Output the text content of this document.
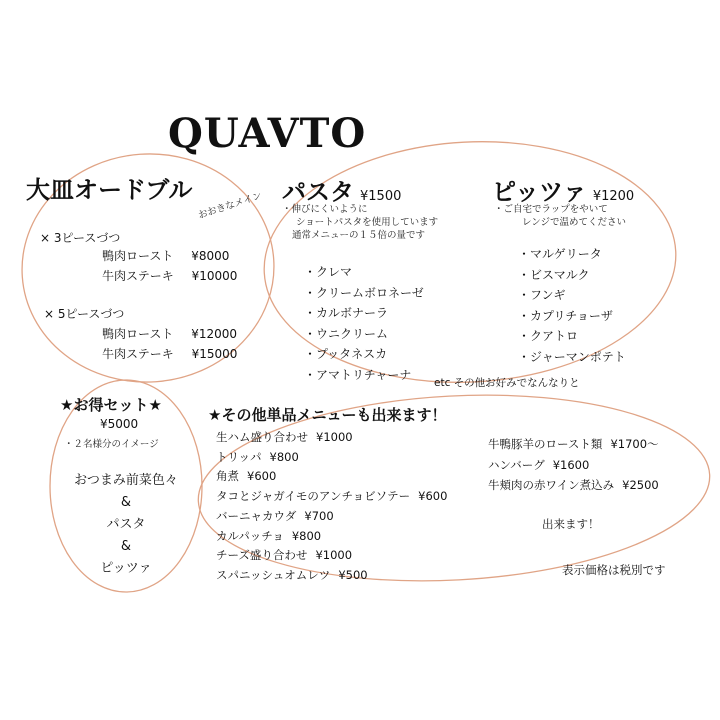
QUAVTO
大皿オードブル
おおきなメイン
× 3ピースづつ
鴨肉ロースト ¥8000
牛肉ステーキ ¥10000
× 5ピースづつ
鴨肉ロースト ¥12000
牛肉ステーキ ¥15000
パスタ ¥1500
・伸びにくいように
ショートパスタを使用しています
通常メニューの１５倍の量です
・クレマ
・クリームボロネーゼ
・カルボナーラ
・ウニクリーム
・プッタネスカ
・アマトリチャーナ
etc その他お好みでなんなりと
ピッツァ ¥1200
・ご自宅でラップをやいて
レンジで温めてください
・マルゲリータ
・ビスマルク
・フンギ
・カプリチョーザ
・クアトロ
・ジャーマンポテト
★お得セット★
¥5000
・２名様分のイメージ
おつまみ前菜色々
&
パスタ
&
ピッツァ
★その他単品メニューも出来ます！
生ハム盛り合わせ ¥1000
トリッパ ¥800
角煮 ¥600
タコとジャガイモのアンチョビソテー ¥600
バーニャカウダ ¥700
カルパッチョ ¥800
チーズ盛り合わせ ¥1000
スパニッシュオムレツ ¥500
牛鴨豚羊のロースト類 ¥1700〜
ハンバーグ ¥1600
牛頬肉の赤ワイン煮込み ¥2500
出来ます！
表示価格は税別です
